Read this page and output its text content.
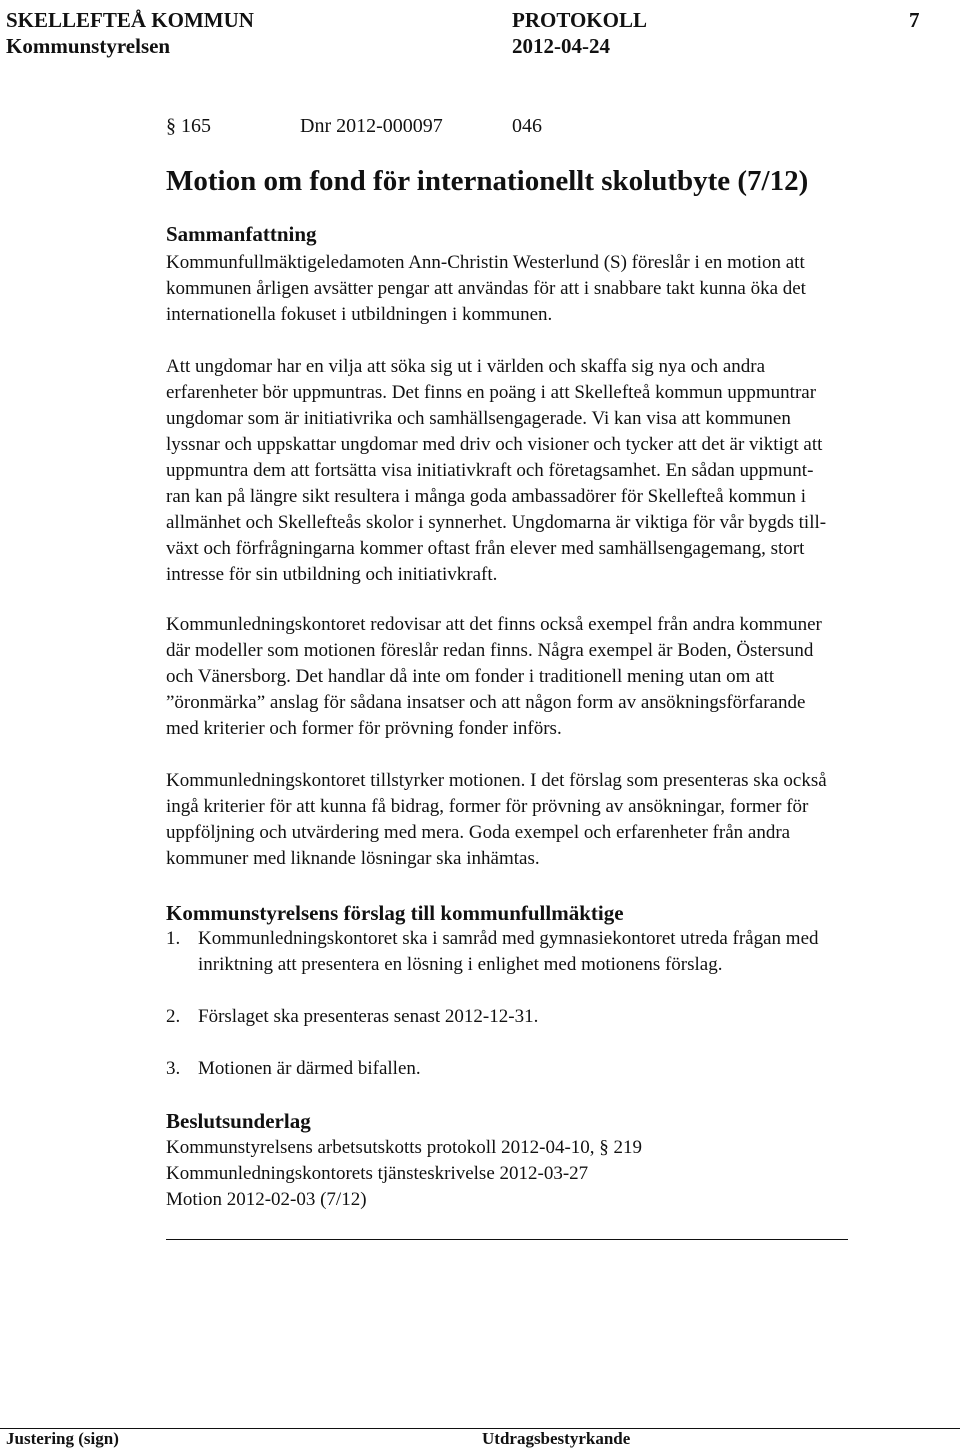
SKELLEFTEÅ KOMMUN	PROTOKOLL	7
Kommunstyrelsen	2012-04-24
§ 165	Dnr 2012-000097	046
Motion om fond för internationellt skolutbyte (7/12)
Sammanfattning
Kommunfullmäktigeledamoten Ann-Christin Westerlund (S) föreslår i en motion att
kommunen årligen avsätter pengar att användas för att i snabbare takt kunna öka det
internationella fokuset i utbildningen i kommunen.
Att ungdomar har en vilja att söka sig ut i världen och skaffa sig nya och andra
erfarenheter bör uppmuntras. Det finns en poäng i att Skellefteå kommun uppmuntrar
ungdomar som är initiativrika och samhällsengagerade. Vi kan visa att kommunen
lyssnar och uppskattar ungdomar med driv och visioner och tycker att det är viktigt att
uppmuntra dem att fortsätta visa initiativkraft och företagsamhet. En sådan uppmunt-
ran kan på längre sikt resultera i många goda ambassadörer för Skellefteå kommun i
allmänhet och Skellefteås skolor i synnerhet. Ungdomarna är viktiga för vår bygds till-
växt och förfrågningarna kommer oftast från elever med samhällsengagemang, stort
intresse för sin utbildning och initiativkraft.
Kommunledningskontoret redovisar att det finns också exempel från andra kommuner
där modeller som motionen föreslår redan finns. Några exempel är Boden, Östersund
och Vänersborg. Det handlar då inte om fonder i traditionell mening utan om att
”öronmärka” anslag för sådana insatser och att någon form av ansökningsförfarande
med kriterier och former för prövning fonder införs.
Kommunledningskontoret tillstyrker motionen. I det förslag som presenteras ska också
ingå kriterier för att kunna få bidrag, former för prövning av ansökningar, former för
uppföljning och utvärdering med mera. Goda exempel och erfarenheter från andra
kommuner med liknande lösningar ska inhämtas.
Kommunstyrelsens förslag till kommunfullmäktige
1. Kommunledningskontoret ska i samråd med gymnasiekontoret utreda frågan med
inriktning att presentera en lösning i enlighet med motionens förslag.
2. Förslaget ska presenteras senast 2012-12-31.
3. Motionen är därmed bifallen.
Beslutsunderlag
Kommunstyrelsens arbetsutskotts protokoll 2012-04-10, § 219
Kommunledningskontorets tjänsteskrivelse 2012-03-27
Motion 2012-02-03 (7/12)
Justering (sign)	Utdragsbestyrkande
